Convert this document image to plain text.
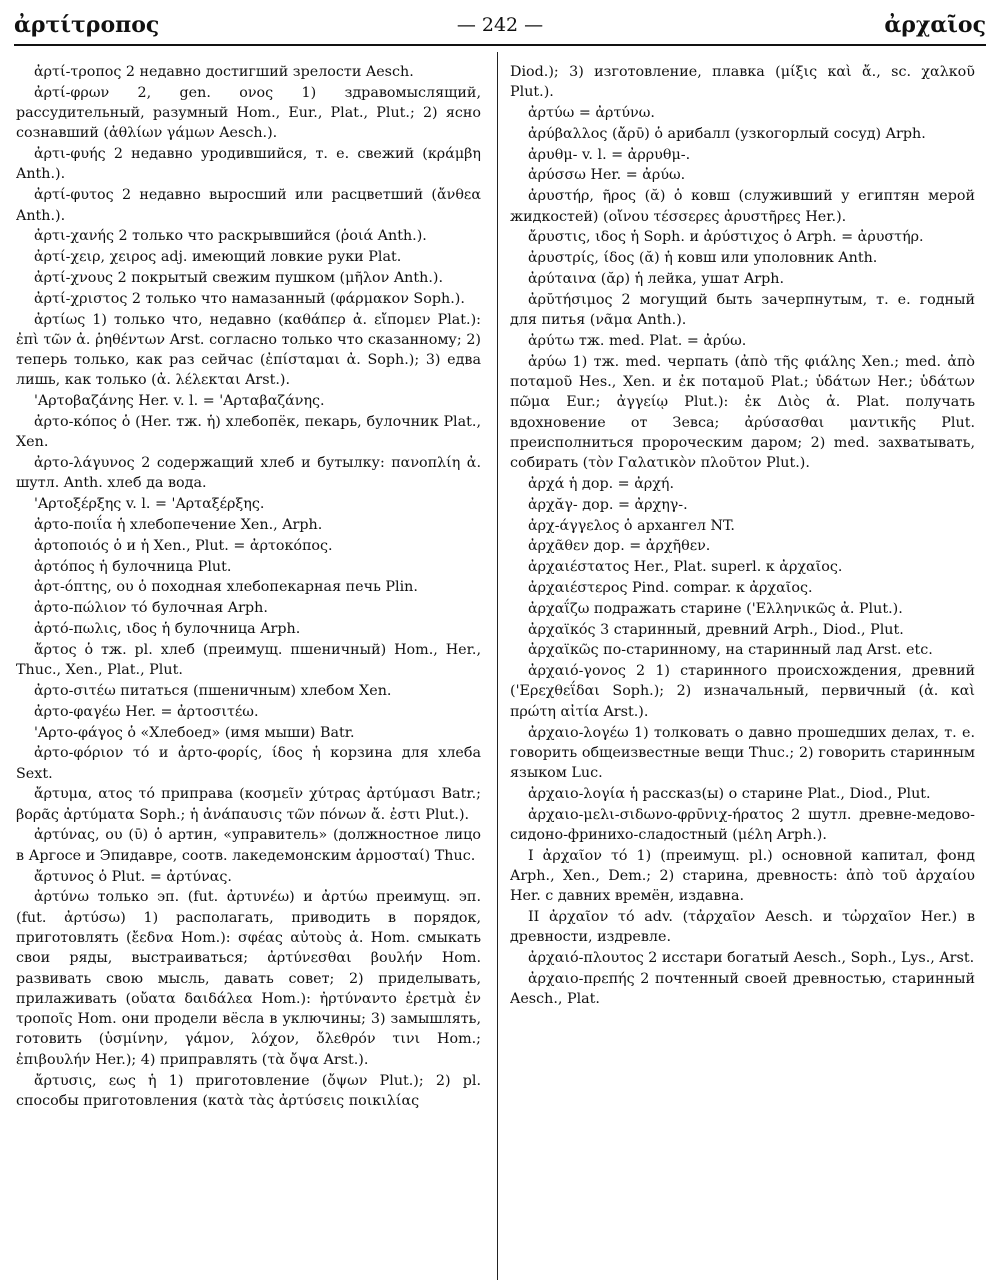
ἀρτίτροπος	— 242 —	ἀρχαῖος

ἀρτί-τροπος 2 недавно достигший зрелости Aesch.

ἀρτί-φρων 2, gen. ονος 1) здравомыслящий, рассудительный, разумный Hom., Eur., Plat., Plut.; 2) ясно сознавший (ἀθλίων γάμων Aesch.).

ἀρτι-φυής 2 недавно уродившийся, т. е. свежий (κράμβη Anth.).

ἀρτί-φυτος 2 недавно выросший или расцветший (ἄνθεα Anth.).

ἀρτι-χανής 2 только что раскрывшийся (ῥοιά Anth.).

ἀρτί-χειρ, χειρος adj. имеющий ловкие руки Plat.

ἀρτί-χνους 2 покрытый свежим пушком (μῆλον Anth.).

ἀρτί-χριστος 2 только что намазанный (φάρμακον Soph.).

ἀρτίως 1) только что, недавно (καθάπερ ἀ. εἴπομεν Plat.): ἐπὶ τῶν ἀ. ῥηθέντων Arst. согласно только что сказанному; 2) теперь только, как раз сейчас (ἐπίσταμαι ἀ. Soph.); 3) едва лишь, как только (ἀ. λέλεκται Arst.).

'Αρτοβαζάνης Her. v. l. = 'Αρταβαζάνης.

ἀρτο-κόπος ὁ (Her. тж. ἡ) хлебопёк, пекарь, булочник Plat., Xen.

ἀρτο-λάγυνος 2 содержащий хлеб и бутылку: πανοπλίη ἀ. шутл. Anth. хлеб да вода.

'Αρτοξέρξης v. l. = 'Αρταξέρξης.

ἀρτο-ποιΐα ἡ хлебопечение Xen., Arph.

ἀρτοποιός ὁ и ἡ Xen., Plut. = ἀρτοκόπος.

ἀρτόπος ἡ булочница Plut.

ἀρτ-όπτης, ου ὁ походная хлебопекарная печь Plin.

ἀρτο-πώλιον τό булочная Arph.

ἀρτό-πωλις, ιδος ἡ булочница Arph.

ἄρτος ὁ тж. pl. хлеб (преимущ. пшеничный) Hom., Her., Thuc., Xen., Plat., Plut.

ἀρτο-σιτέω питаться (пшеничным) хлебом Xen.

ἀρτο-φαγέω Her. = ἀρτοσιτέω.

'Αρτο-φάγος ὁ «Хлебоед» (имя мыши) Batr.

ἀρτο-φόριον τό и ἀρτο-φορίς, ίδος ἡ корзина для хлеба Sext.

ἄρτυμα, ατος τό приправа (κοσμεῖν χύτρας ἀρτύμασι Batr.; βορᾶς ἀρτύματα Soph.; ἡ ἀνάπαυσις τῶν πόνων ἄ. ἐστι Plut.).

ἀρτύνας, ου (ῡ) ὁ артин, «управитель» (должностное лицо в Аргосе и Эпидавре, соотв. лакедемонским ἁρμοσταί) Thuc.

ἄρτυνος ὁ Plut. = ἀρτύνας.

ἀρτύνω только эп. (fut. ἀρτυνέω) и ἀρτύω преимущ. эп. (fut. ἀρτύσω) 1) располагать, приводить в порядок, приготовлять (ἔεδνα Hom.): σφέας αὐτοὺς ἀ. Hom. смыкать свои ряды, выстраиваться; ἀρτύνεσθαι βουλήν Hom. развивать свою мысль, давать совет; 2) приделывать, прилаживать (οὔατα δαιδάλεα Hom.): ἠρτύναντο ἐρετμὰ ἐν τροποῖς Hom. они продели вёсла в уключины; 3) замышлять, готовить (ὑσμίνην, γάμον, λόχον, ὄλεθρόν τινι Hom.; ἐπιβουλήν Her.); 4) приправлять (τὰ ὄψα Arst.).

ἄρτυσις, εως ἡ 1) приготовление (ὄψων Plut.); 2) pl. способы приготовления (κατὰ τὰς ἀρτύσεις ποικιλίας

Diod.); 3) изготовление, плавка (μίξις καὶ ἄ., sc. χαλκοῦ Plut.).

ἀρτύω = ἀρτύνω.

ἀρύβαλλος (ἄρῡ) ὁ арибалл (узкогорлый сосуд) Arph.

ἀρυθμ- v. l. = ἀρρυθμ-.

ἀρύσσω Her. = ἀρύω.

ἀρυστήρ, ῆρος (ᾰ) ὁ ковш (служивший у египтян мерой жидкостей) (οἴνου τέσσερες ἀρυστῆρες Her.).

ἄρυστις, ιδος ἡ Soph. и ἀρύστιχος ὁ Arph. = ἀρυστήρ.

ἀρυστρίς, ίδος (ᾰ) ἡ ковш или уполовник Anth.

ἀρύταινα (ᾰρ) ἡ лейка, ушат Arph.

ἀρῠτήσιμος 2 могущий быть зачерпнутым, т. е. годный для питья (νᾶμα Anth.).

ἀρύτω тж. med. Plat. = ἀρύω.

ἀρύω 1) тж. med. черпать (ἀπὸ τῆς φιάλης Xen.; med. ἀπὸ ποταμοῦ Hes., Xen. и ἐκ ποταμοῦ Plat.; ὑδάτων Her.; ὑδάτων πῶμα Eur.; ἀγγείῳ Plut.): ἐκ Διὸς ἀ. Plat. получать вдохновение от Зевса; ἀρύσασθαι μαντικῆς Plut. преисполниться пророческим даром; 2) med. захватывать, собирать (τὸν Γαλατικὸν πλοῦτον Plut.).

ἀρχά ἡ дор. = ἀρχή.

ἀρχᾰγ- дор. = ἀρχηγ-.

ἀρχ-άγγελος ὁ архангел NT.

ἀρχᾶθεν дор. = ἀρχῆθεν.

ἀρχαιέστατος Her., Plat. superl. к ἀρχαῖος.

ἀρχαιέστερος Pind. compar. к ἀρχαῖος.

ἀρχαΐζω подражать старине ('Ελληνικῶς ἀ. Plut.).

ἀρχαϊκός 3 старинный, древний Arph., Diod., Plut.

ἀρχαϊκῶς по-старинному, на старинный лад Arst. etc.

ἀρχαιό-γονος 2 1) старинного происхождения, древний ('Ερεχθεΐδαι Soph.); 2) изначальный, первичный (ἀ. καὶ πρώτη αἰτία Arst.).

ἀρχαιο-λογέω 1) толковать о давно прошедших делах, т. е. говорить общеизвестные вещи Thuc.; 2) говорить старинным языком Luc.

ἀρχαιο-λογία ἡ рассказ(ы) о старине Plat., Diod., Plut.

ἀρχαιο-μελι-σιδωνο-φρῡνιχ-ήρατος 2 шутл. древне-медово-сидоно-фринихо-сладостный (μέλη Arph.).

I ἀρχαῖον τό 1) (преимущ. pl.) основной капитал, фонд Arph., Xen., Dem.; 2) старина, древность: ἀπὸ τοῦ ἀρχαίου Her. с давних времён, издавна.

II ἀρχαῖον τό adv. (τἀρχαῖον Aesch. и τὠρχαῖον Her.) в древности, издревле.

ἀρχαιό-πλουτος 2 исстари богатый Aesch., Soph., Lys., Arst.

ἀρχαιο-πρεπής 2 почтенный своей древностью, старинный Aesch., Plat.
